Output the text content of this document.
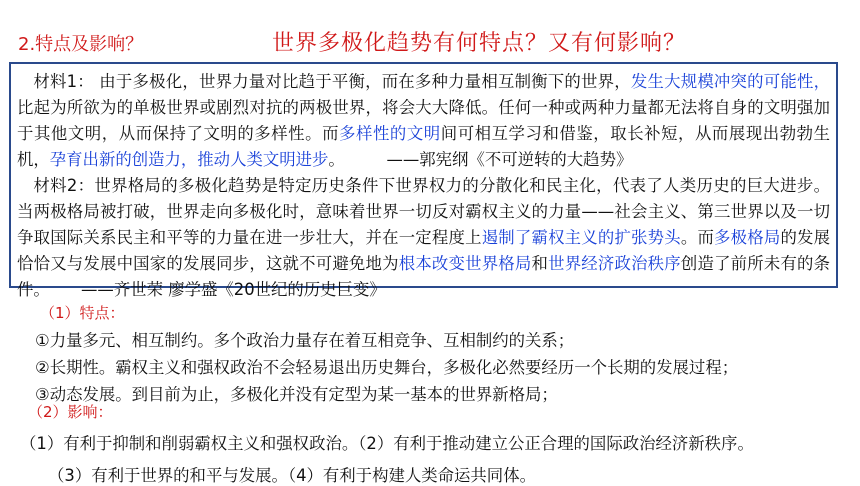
2.特点及影响？	世界多极化趋势有何特点？又有何影响？

材料1： 由于多极化，世界力量对比趋于平衡，而在多种力量相互制衡下的世界，发生大规模冲突的可能性，比起为所欲为的单极世界或剧烈对抗的两极世界，将会大大降低。任何一种或两种力量都无法将自身的文明强加于其他文明，从而保持了文明的多样性。而多样性的文明间可相互学习和借鉴，取长补短，从而展现出勃勃生机，孕育出新的创造力，推动人类文明进步。        ——郭宪纲《不可逆转的大趋势》

材料2：世界格局的多极化趋势是特定历史条件下世界权力的分散化和民主化，代表了人类历史的巨大进步。当两极格局被打破，世界走向多极化时，意味着世界一切反对霸权主义的力量——社会主义、第三世界以及一切争取国际关系民主和平等的力量在进一步壮大，并在一定程度上遏制了霸权主义的扩张势头。而多极格局的发展恰恰又与发展中国家的发展同步，这就不可避免地为根本改变世界格局和世界经济政治秩序创造了前所未有的条件。      ——齐世荣 廖学盛《20世纪的历史巨变》

（1）特点：
①力量多元、相互制约。多个政治力量存在着互相竞争、互相制约的关系；
②长期性。霸权主义和强权政治不会轻易退出历史舞台，多极化必然要经历一个长期的发展过程；
③动态发展。到目前为止，多极化并没有定型为某一基本的世界新格局；
（2）影响：
（1）有利于抑制和削弱霸权主义和强权政治。（2）有利于推动建立公正合理的国际政治经济新秩序。
（3）有利于世界的和平与发展。（4）有利于构建人类命运共同体。
